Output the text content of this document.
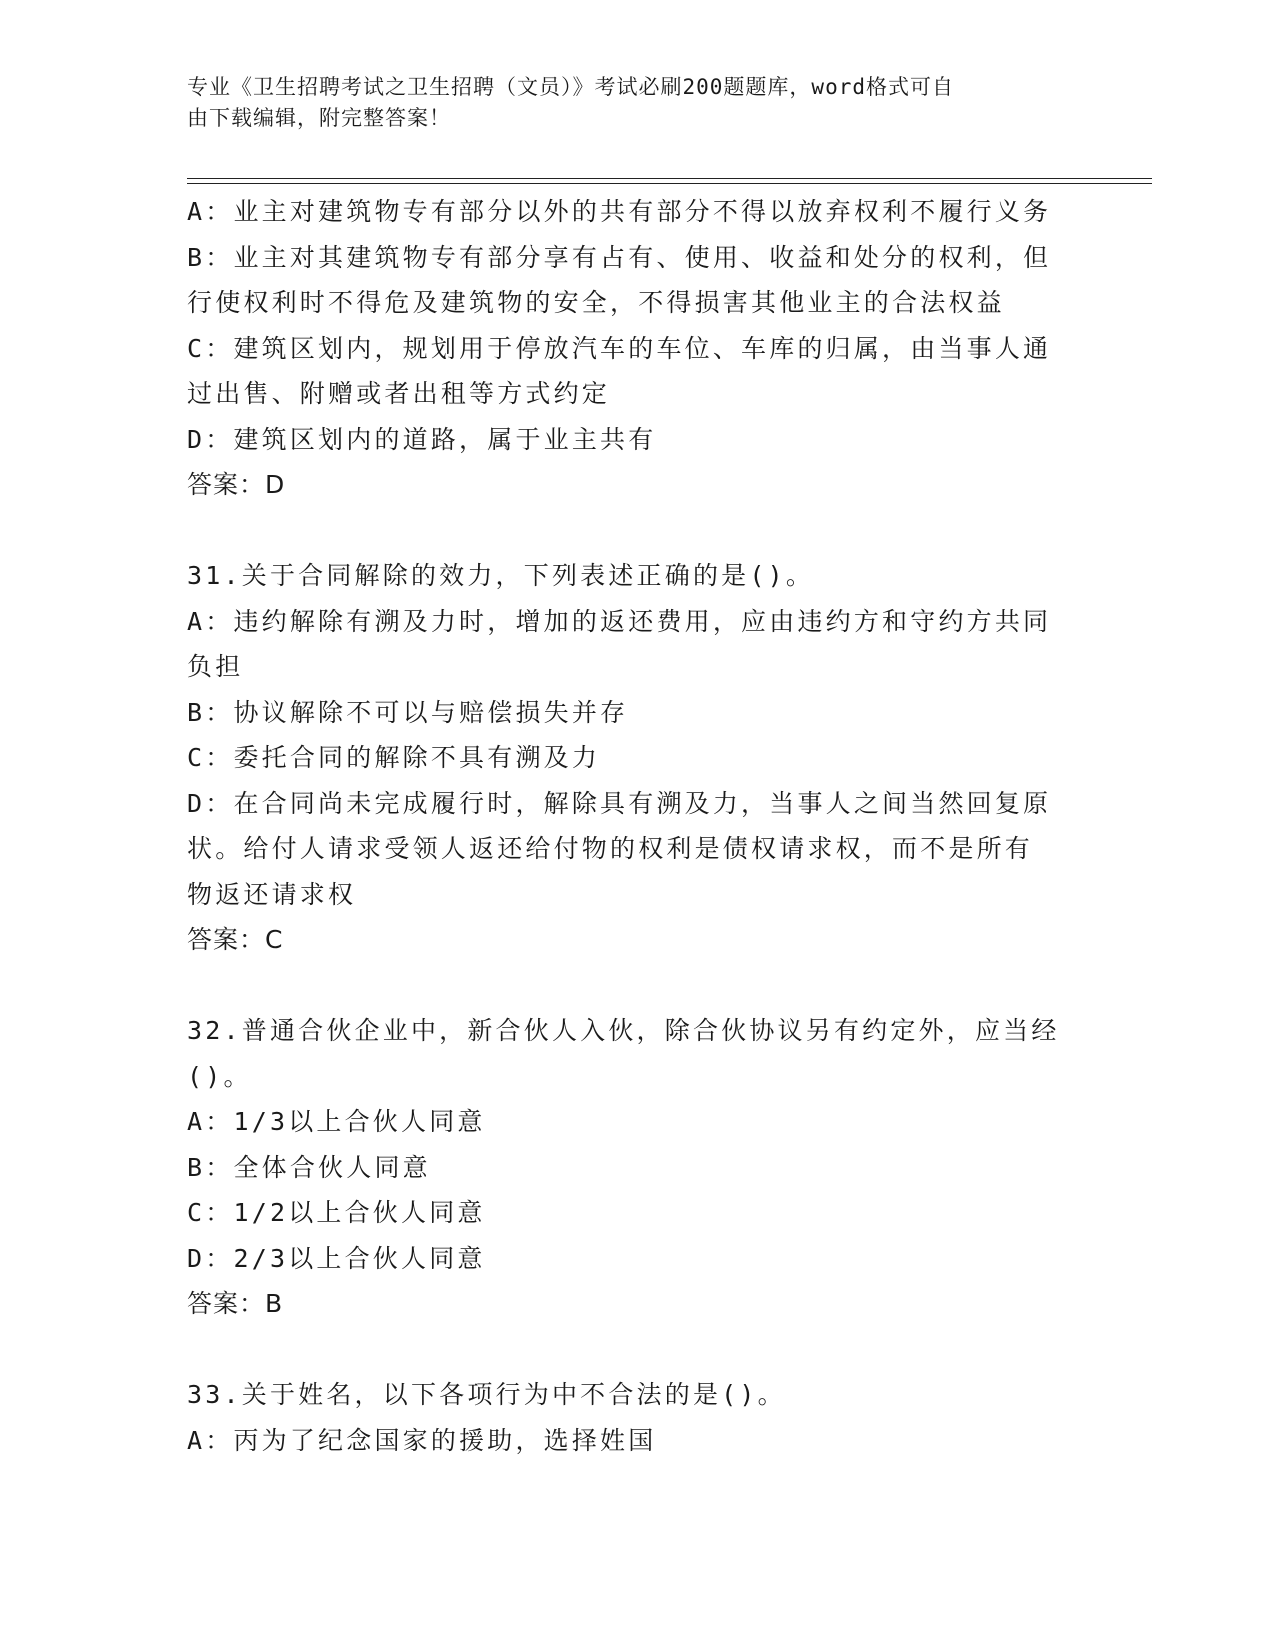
专业《卫生招聘考试之卫生招聘（文员）》考试必刷200题题库，word格式可自
由下载编辑，附完整答案！
A：业主对建筑物专有部分以外的共有部分不得以放弃权利不履行义务
B：业主对其建筑物专有部分享有占有、使用、收益和处分的权利，但
行使权利时不得危及建筑物的安全，不得损害其他业主的合法权益
C：建筑区划内，规划用于停放汽车的车位、车库的归属，由当事人通
过出售、附赠或者出租等方式约定
D：建筑区划内的道路，属于业主共有
答案：D
31.关于合同解除的效力，下列表述正确的是()。
A：违约解除有溯及力时，增加的返还费用，应由违约方和守约方共同
负担
B：协议解除不可以与赔偿损失并存
C：委托合同的解除不具有溯及力
D：在合同尚未完成履行时，解除具有溯及力，当事人之间当然回复原
状。给付人请求受领人返还给付物的权利是债权请求权，而不是所有
物返还请求权
答案：C
32.普通合伙企业中，新合伙人入伙，除合伙协议另有约定外，应当经
()。
A：1/3以上合伙人同意
B：全体合伙人同意
C：1/2以上合伙人同意
D：2/3以上合伙人同意
答案：B
33.关于姓名，以下各项行为中不合法的是()。
A：丙为了纪念国家的援助，选择姓国
